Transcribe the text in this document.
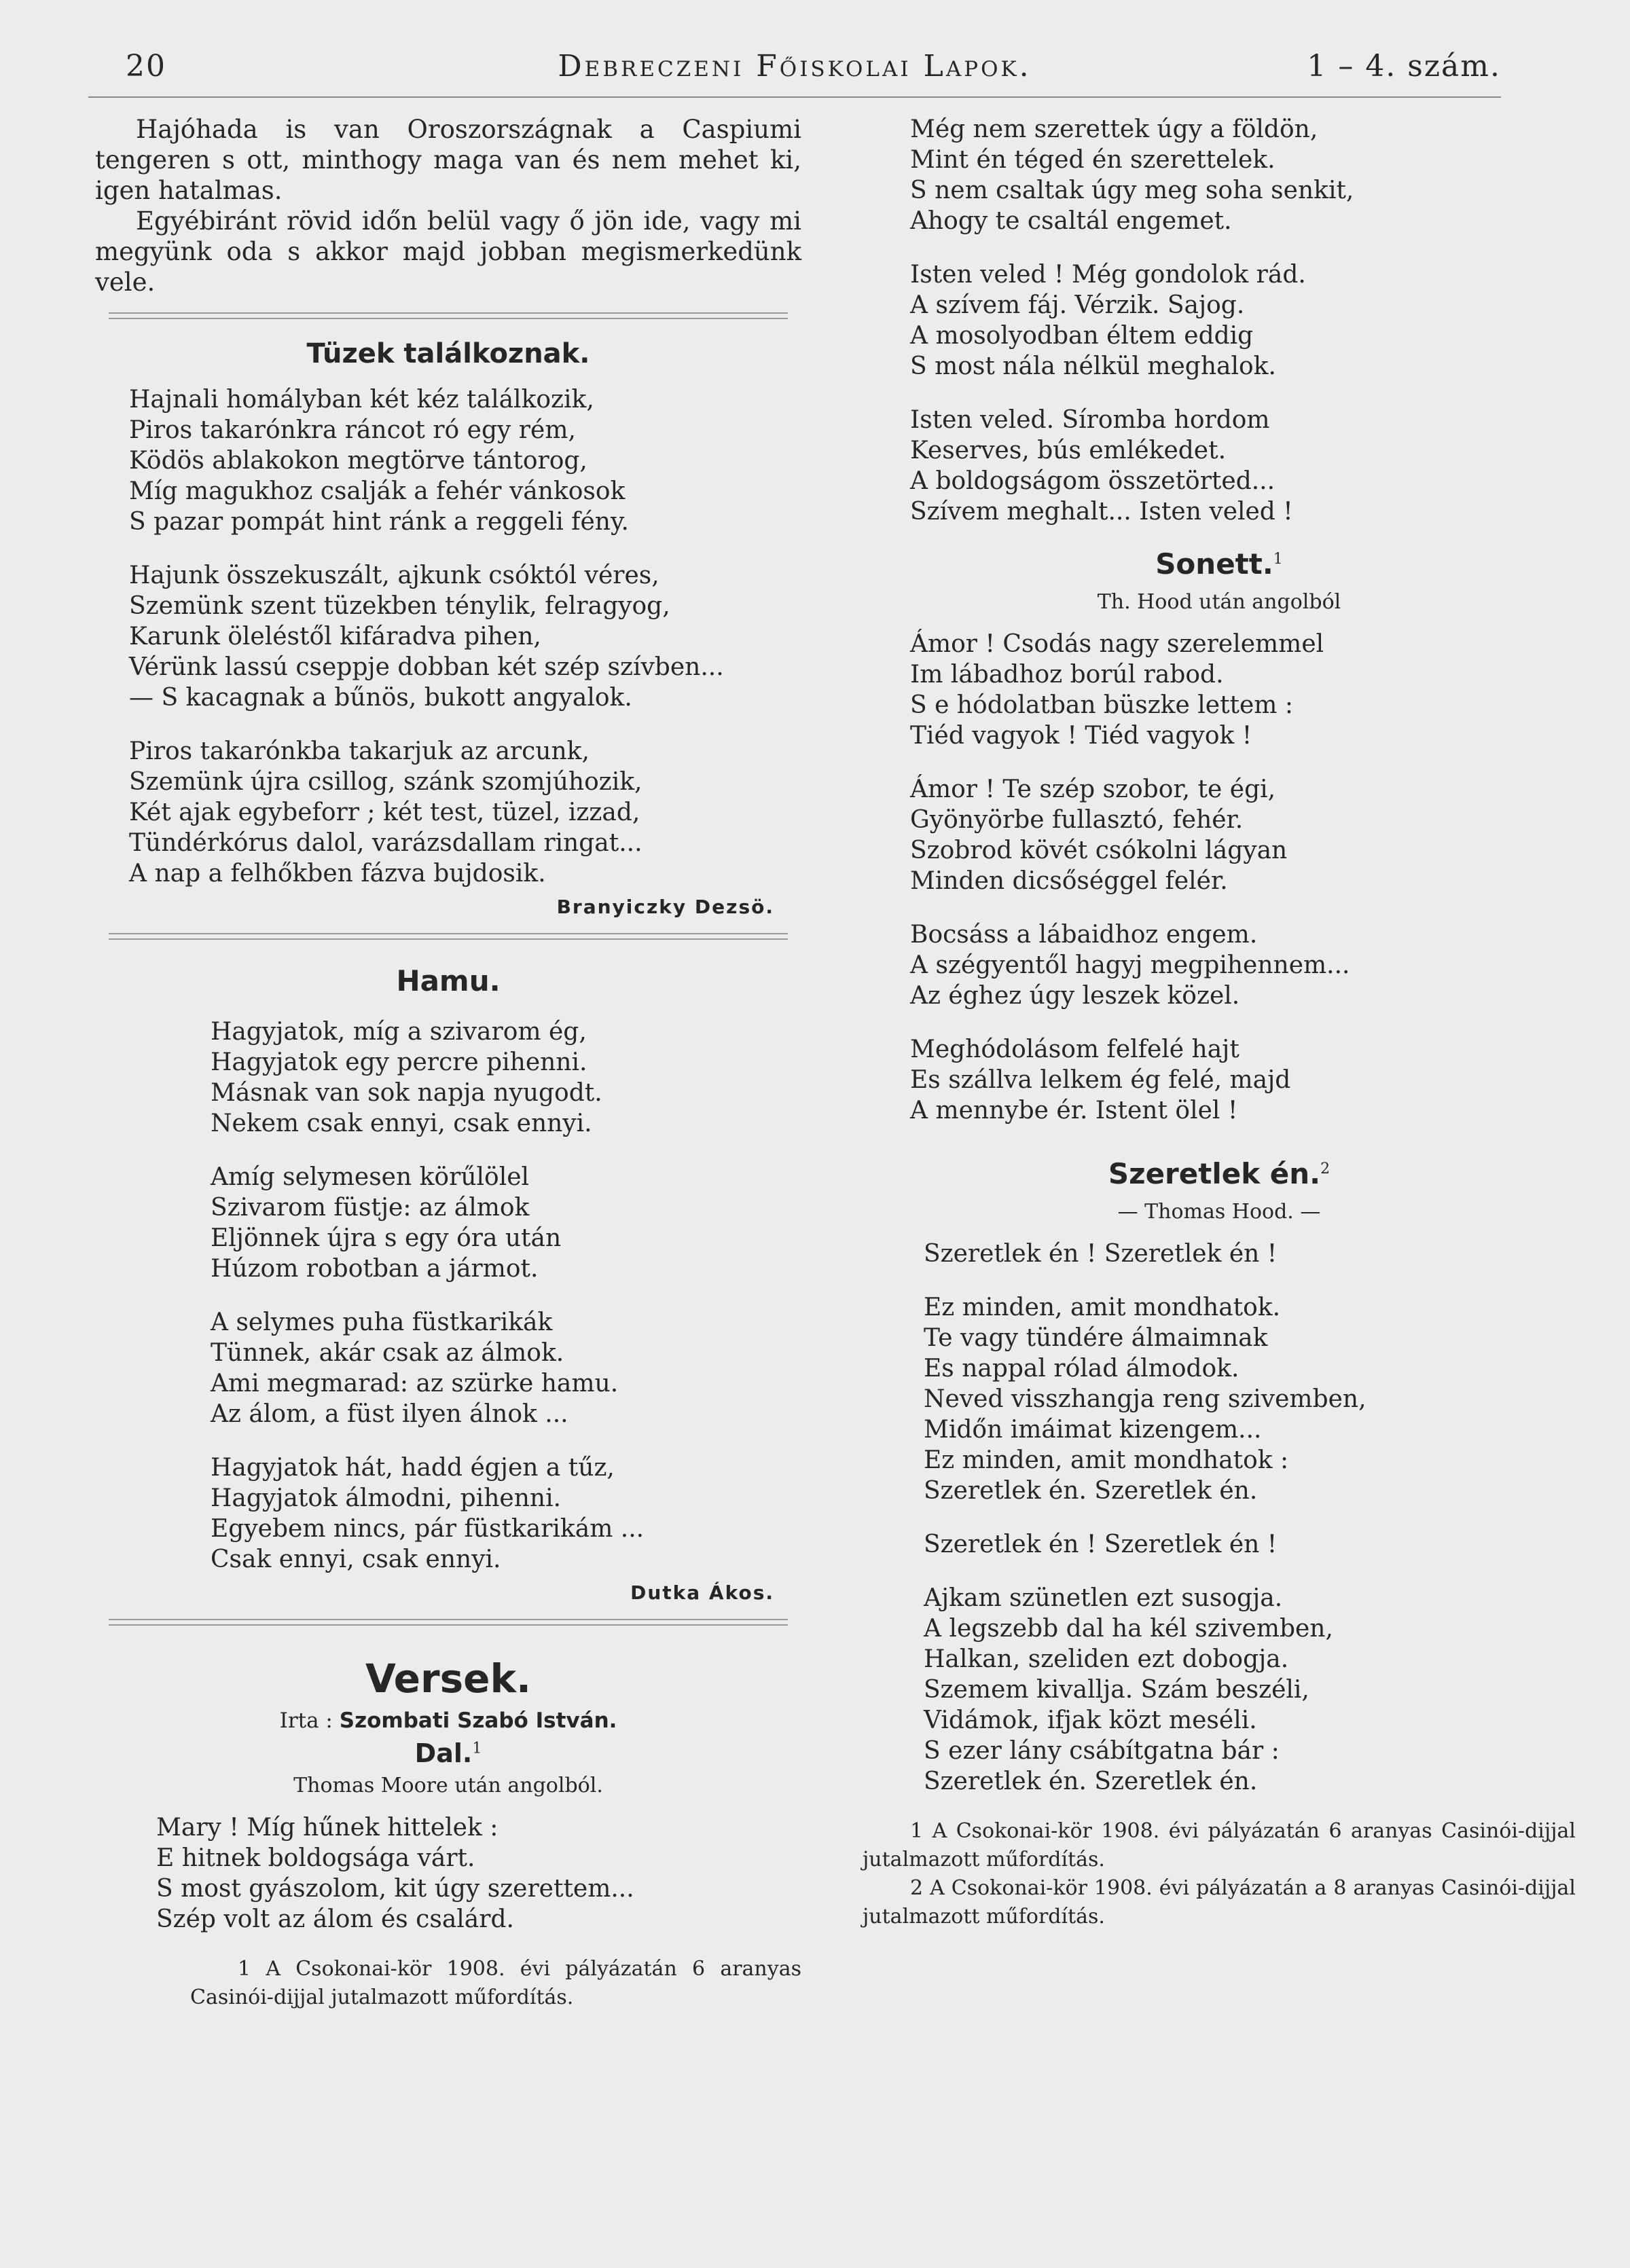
20	Debreczeni Főiskolai Lapok.	1 – 4. szám.

Hajóhada is van Oroszországnak a Caspiumi tengeren s ott, minthogy maga van és nem mehet ki, igen hatalmas.

Egyébiránt rövid időn belül vagy ő jön ide, vagy mi megyünk oda s akkor majd jobban megismerkedünk vele.

Tüzek találkoznak.
Hajnali homályban két kéz találkozik,
Piros takarónkra ráncot ró egy rém,
Ködös ablakokon megtörve tántorog,
Míg magukhoz csalják a fehér vánkosok
S pazar pompát hint ránk a reggeli fény.
Hajunk összekuszált, ajkunk csóktól véres,
Szemünk szent tüzekben ténylik, felragyog,
Karunk öleléstől kifáradva pihen,
Vérünk lassú cseppje dobban két szép szívben...
— S kacagnak a bűnös, bukott angyalok.
Piros takarónkba takarjuk az arcunk,
Szemünk újra csillog, szánk szomjúhozik,
Két ajak egybeforr ; két test, tüzel, izzad,
Tündérkórus dalol, varázsdallam ringat...
A nap a felhőkben fázva bujdosik.
Branyiczky Dezsö.
Hamu.
Hagyjatok, míg a szivarom ég,
Hagyjatok egy percre pihenni.
Másnak van sok napja nyugodt.
Nekem csak ennyi, csak ennyi.
Amíg selymesen körűlölel
Szivarom füstje: az álmok
Eljönnek újra s egy óra után
Húzom robotban a jármot.
A selymes puha füstkarikák
Tünnek, akár csak az álmok.
Ami megmarad: az szürke hamu.
Az álom, a füst ilyen álnok ...
Hagyjatok hát, hadd égjen a tűz,
Hagyjatok álmodni, pihenni.
Egyebem nincs, pár füstkarikám ...
Csak ennyi, csak ennyi.
Dutka Ákos.
Versek.
Irta : Szombati Szabó István.
Dal.$^1$
Thomas Moore után angolból.
Mary ! Míg hűnek hittelek :
E hitnek boldogsága várt.
S most gyászolom, kit úgy szerettem...
Szép volt az álom és csalárd.
1 A Csokonai-kör 1908. évi pályázatán 6 aranyas Casinói-dijjal jutalmazott műfordítás.
Még nem szerettek úgy a földön,
Mint én téged én szerettelek.
S nem csaltak úgy meg soha senkit,
Ahogy te csaltál engemet.
Isten veled ! Még gondolok rád.
A szívem fáj. Vérzik. Sajog.
A mosolyodban éltem eddig
S most nála nélkül meghalok.
Isten veled. Síromba hordom
Keserves, bús emlékedet.
A boldogságom összetörted...
Szívem meghalt... Isten veled !
Sonett.$^1$
Th. Hood után angolból
Ámor ! Csodás nagy szerelemmel
Im lábadhoz borúl rabod.
S e hódolatban büszke lettem :
Tiéd vagyok ! Tiéd vagyok !
Ámor ! Te szép szobor, te égi,
Gyönyörbe fullasztó, fehér.
Szobrod kövét csókolni lágyan
Minden dicsőséggel felér.
Bocsáss a lábaidhoz engem.
A szégyentől hagyj megpihennem...
Az éghez úgy leszek közel.
Meghódolásom felfelé hajt
Es szállva lelkem ég felé, majd
A mennybe ér. Istent ölel !
Szeretlek én.$^2$
— Thomas Hood. —
Szeretlek én ! Szeretlek én !
Ez minden, amit mondhatok.
Te vagy tündére álmaimnak
Es nappal rólad álmodok.
Neved visszhangja reng szivemben,
Midőn imáimat kizengem...
Ez minden, amit mondhatok :
Szeretlek én. Szeretlek én.
Szeretlek én ! Szeretlek én !
Ajkam szünetlen ezt susogja.
A legszebb dal ha kél szivemben,
Halkan, szeliden ezt dobogja.
Szemem kivallja. Szám beszéli,
Vidámok, ifjak közt meséli.
S ezer lány csábítgatna bár :
Szeretlek én. Szeretlek én.
1 A Csokonai-kör 1908. évi pályázatán 6 aranyas Casinói-dijjal jutalmazott műfordítás.
2 A Csokonai-kör 1908. évi pályázatán a 8 aranyas Casinói-dijjal jutalmazott műfordítás.
